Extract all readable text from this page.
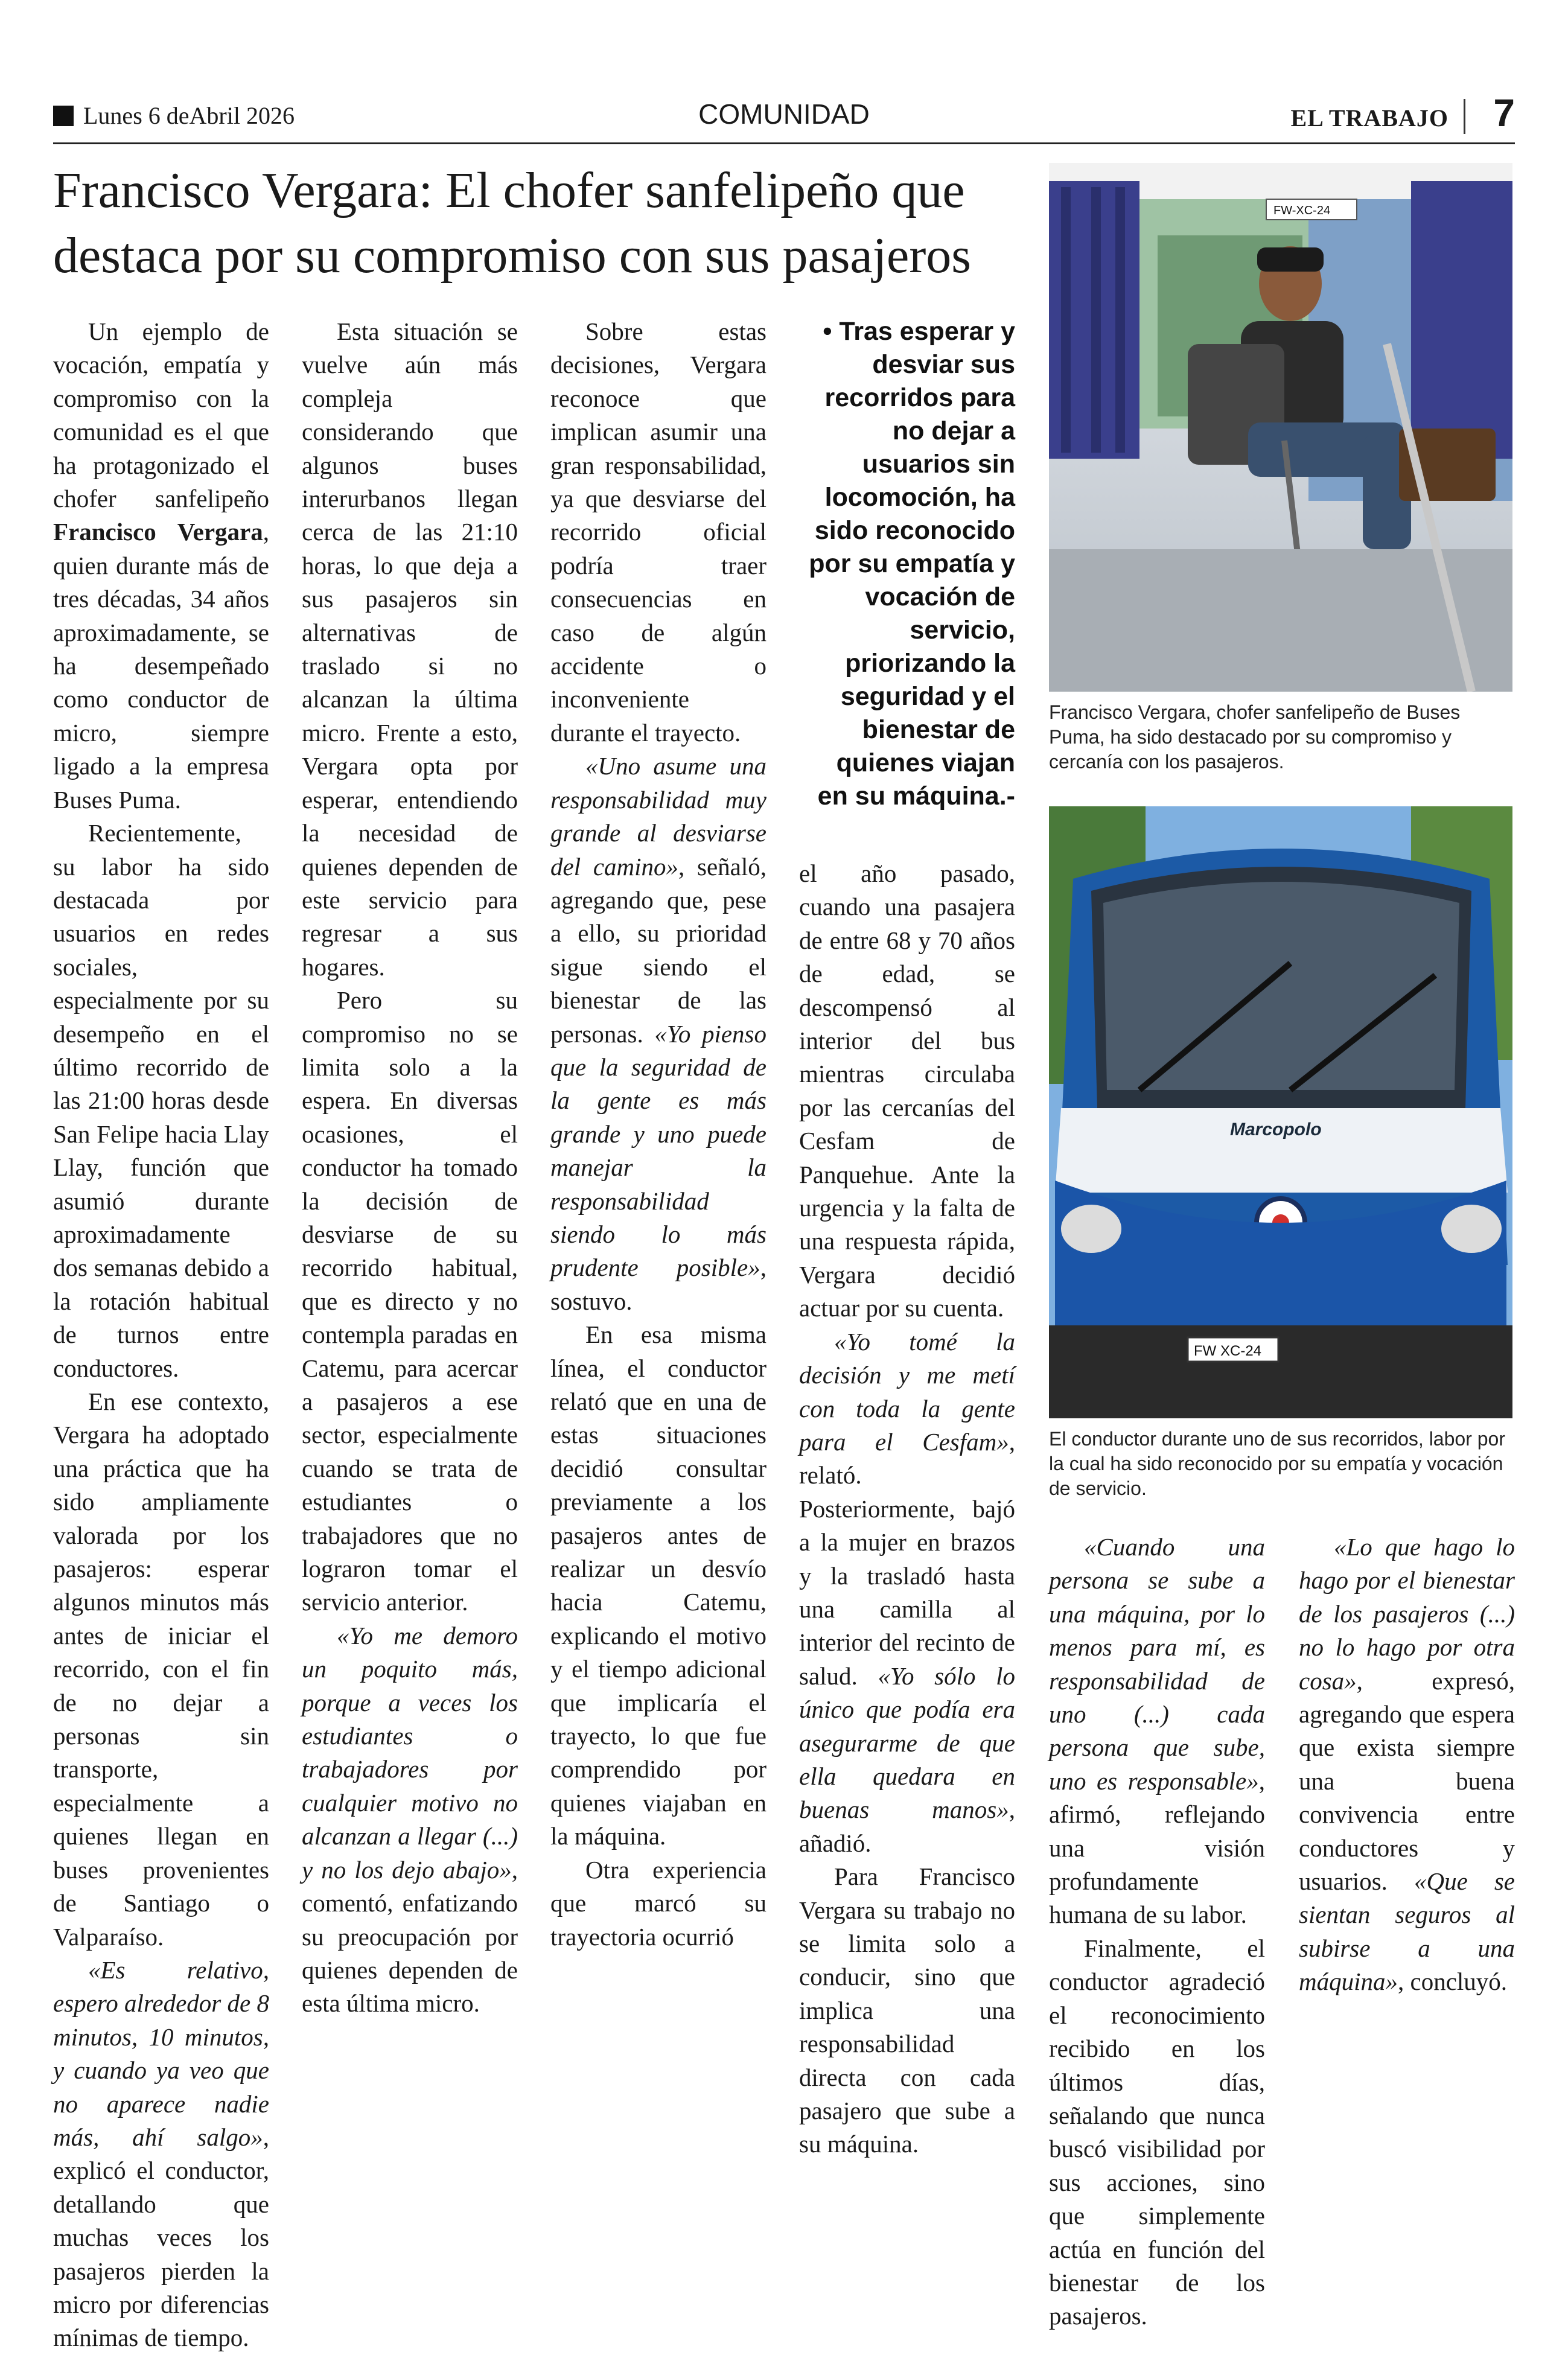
Lunes 6 deAbril 2026	COMUNIDAD	EL TRABAJO 7
Francisco Vergara: El chofer sanfelipeño que
destaca por su compromiso con sus pasajeros

Un ejemplo de vocación, empatía y compromiso con la comunidad es el que ha protagonizado el chofer sanfelipeño Francisco Vergara, quien durante más de tres décadas, 34 años aproximadamente, se ha desempeñado como conductor de micro, siempre ligado a la empresa Buses Puma.

Recientemente, su labor ha sido destacada por usuarios en redes sociales, especialmente por su desempeño en el último recorrido de las 21:00 horas desde San Felipe hacia Llay Llay, función que asumió durante aproximadamente dos semanas debido a la rotación habitual de turnos entre conductores.

En ese contexto, Vergara ha adoptado una práctica que ha sido ampliamente valorada por los pasajeros: esperar algunos minutos más antes de iniciar el recorrido, con el fin de no dejar a personas sin transporte, especialmente a quienes llegan en buses provenientes de Santiago o Valparaíso.

«Es relativo, espero alrededor de 8 minutos, 10 minutos, y cuando ya veo que no aparece nadie más, ahí salgo», explicó el conductor, detallando que muchas veces los pasajeros pierden la micro por diferencias mínimas de tiempo.

Esta situación se vuelve aún más compleja considerando que algunos buses interurbanos llegan cerca de las 21:10 horas, lo que deja a sus pasajeros sin alternativas de traslado si no alcanzan la última micro. Frente a esto, Vergara opta por esperar, entendiendo la necesidad de quienes dependen de este servicio para regresar a sus hogares.

Pero su compromiso no se limita solo a la espera. En diversas ocasiones, el conductor ha tomado la decisión de desviarse de su recorrido habitual, que es directo y no contempla paradas en Catemu, para acercar a pasajeros a ese sector, especialmente cuando se trata de estudiantes o trabajadores que no lograron tomar el servicio anterior.

«Yo me demoro un poquito más, porque a veces los estudiantes o trabajadores por cualquier motivo no alcanzan a llegar (...) y no los dejo abajo», comentó, enfatizando su preocupación por quienes dependen de esta última micro.

Sobre estas decisiones, Vergara reconoce que implican asumir una gran responsabilidad, ya que desviarse del recorrido oficial podría traer consecuencias en caso de algún accidente o inconveniente durante el trayecto.

«Uno asume una responsabilidad muy grande al desviarse del camino», señaló, agregando que, pese a ello, su prioridad sigue siendo el bienestar de las personas. «Yo pienso que la seguridad de la gente es más grande y uno puede manejar la responsabilidad siendo lo más prudente posible», sostuvo.

En esa misma línea, el conductor relató que en una de estas situaciones decidió consultar previamente a los pasajeros antes de realizar un desvío hacia Catemu, explicando el motivo y el tiempo adicional que implicaría el trayecto, lo que fue comprendido por quienes viajaban en la máquina.

Otra experiencia que marcó su trayectoria ocurrió

• Tras esperar y desviar sus recorridos para no dejar a usuarios sin locomoción, ha sido reconocido por su empatía y vocación de servicio, priorizando la seguridad y el bienestar de quienes viajan en su máquina.-

el año pasado, cuando una pasajera de entre 68 y 70 años de edad, se descompensó al interior del bus mientras circulaba por las cercanías del Cesfam de Panquehue. Ante la urgencia y la falta de una respuesta rápida, Vergara decidió actuar por su cuenta.

«Yo tomé la decisión y me metí con toda la gente para el Cesfam», relató. Posteriormente, bajó a la mujer en brazos y la trasladó hasta una camilla al interior del recinto de salud. «Yo sólo lo único que podía era asegurarme de que ella quedara en buenas manos», añadió.

Para Francisco Vergara su trabajo no se limita solo a conducir, sino que implica una responsabilidad directa con cada pasajero que sube a su máquina.

FW-XC-24
Francisco Vergara, chofer sanfelipeño de Buses Puma, ha sido destacado por su compromiso y cercanía con los pasajeros.
Marcopolo
FW XC-24
El conductor durante uno de sus recorridos, labor por la cual ha sido reconocido por su empatía y vocación de servicio.

«Cuando una persona se sube a una máquina, por lo menos para mí, es responsabilidad de uno (...) cada persona que sube, uno es responsable», afirmó, reflejando una visión profundamente humana de su labor.

Finalmente, el conductor agradeció el reconocimiento recibido en los últimos días, señalando que nunca buscó visibilidad por sus acciones, sino que simplemente actúa en función del bienestar de los pasajeros.

«Lo que hago lo hago por el bienestar de los pasajeros (...) no lo hago por otra cosa», expresó, agregando que espera que exista siempre una buena convivencia entre conductores y usuarios. «Que se sientan seguros al subirse a una máquina», concluyó.
